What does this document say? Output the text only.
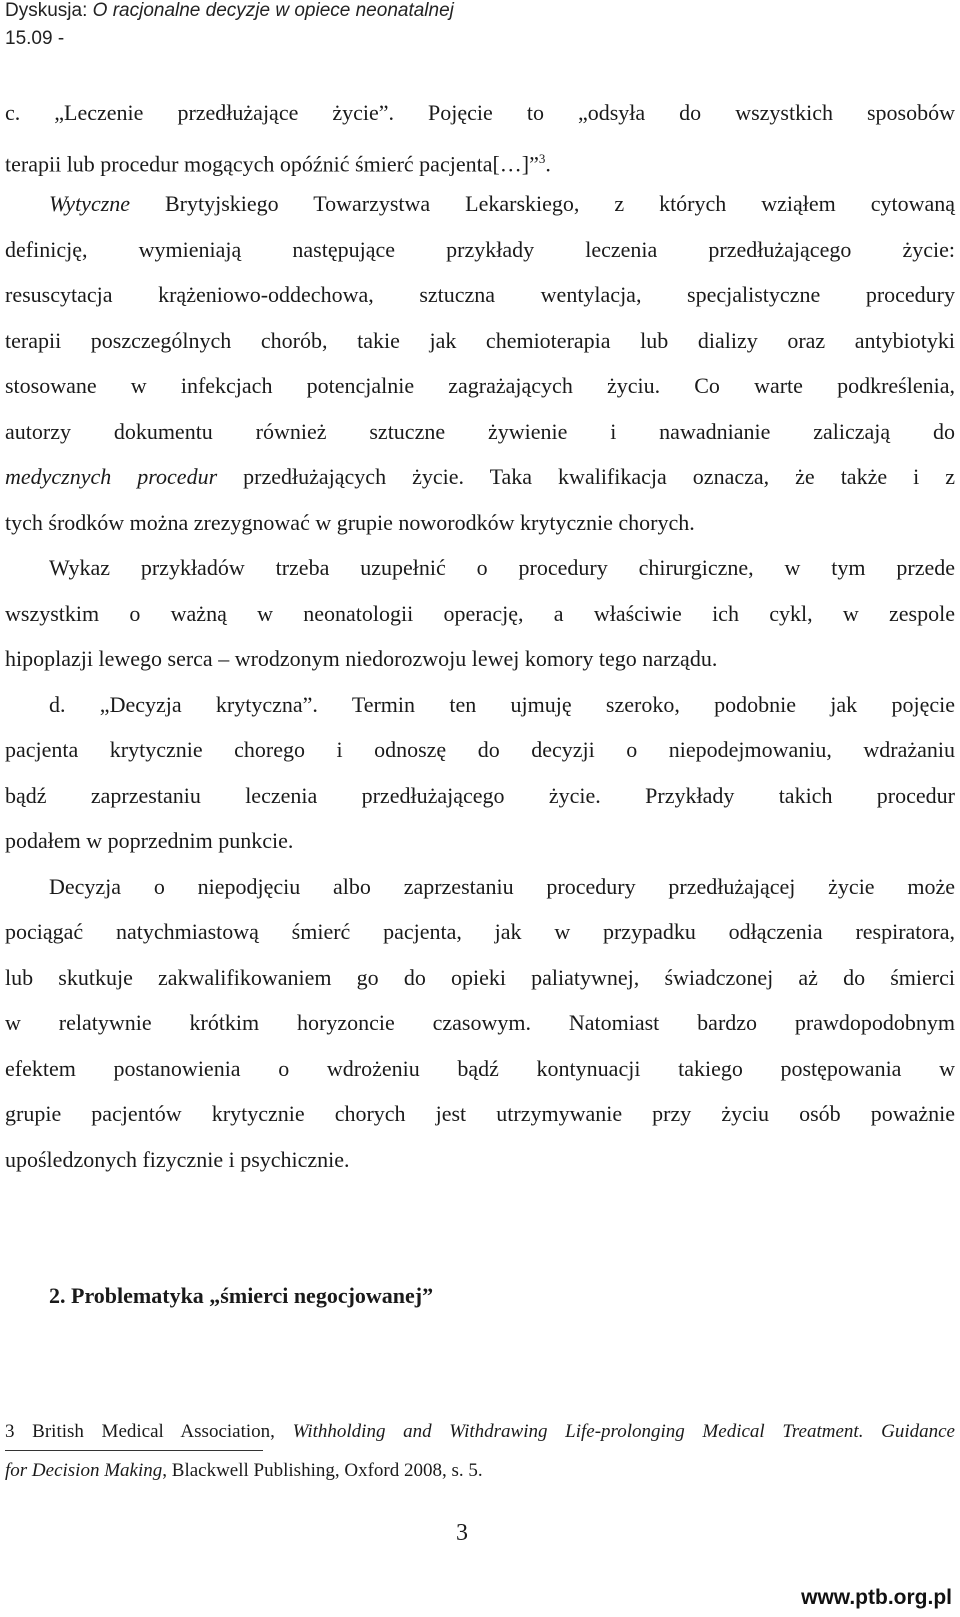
Dyskusja: O racjonalne decyzje w opiece neonatalnej
15.09 -
c. „Leczenie przedłużające życie”. Pojęcie to „odsyła do wszystkich sposobów
terapii lub procedur mogących opóźnić śmierć pacjenta[…]”$^3$.
Wytyczne Brytyjskiego Towarzystwa Lekarskiego, z których wziąłem cytowaną
definicję, wymieniają następujące przykłady leczenia przedłużającego życie:
resuscytacja krążeniowo-oddechowa, sztuczna wentylacja, specjalistyczne procedury
terapii poszczególnych chorób, takie jak chemioterapia lub dializy oraz antybiotyki
stosowane w infekcjach potencjalnie zagrażających życiu. Co warte podkreślenia,
autorzy dokumentu również sztuczne żywienie i nawadnianie zaliczają do
medycznych procedur przedłużających życie. Taka kwalifikacja oznacza, że także i z
tych środków można zrezygnować w grupie noworodków krytycznie chorych.
Wykaz przykładów trzeba uzupełnić o procedury chirurgiczne, w tym przede
wszystkim o ważną w neonatologii operację, a właściwie ich cykl, w zespole
hipoplazji lewego serca – wrodzonym niedorozwoju lewej komory tego narządu.
d. „Decyzja krytyczna”. Termin ten ujmuję szeroko, podobnie jak pojęcie
pacjenta krytycznie chorego i odnoszę do decyzji o niepodejmowaniu, wdrażaniu
bądź zaprzestaniu leczenia przedłużającego życie. Przykłady takich procedur
podałem w poprzednim punkcie.
Decyzja o niepodjęciu albo zaprzestaniu procedury przedłużającej życie może
pociągać natychmiastową śmierć pacjenta, jak w przypadku odłączenia respiratora,
lub skutkuje zakwalifikowaniem go do opieki paliatywnej, świadczonej aż do śmierci
w relatywnie krótkim horyzoncie czasowym. Natomiast bardzo prawdopodobnym
efektem postanowienia o wdrożeniu bądź kontynuacji takiego postępowania w
grupie pacjentów krytycznie chorych jest utrzymywanie przy życiu osób poważnie
upośledzonych fizycznie i psychicznie.
2. Problematyka „śmierci negocjowanej”
3 British Medical Association, Withholding and Withdrawing Life-prolonging Medical Treatment. Guidance
for Decision Making, Blackwell Publishing, Oxford 2008, s. 5.
3
www.ptb.org.pl
